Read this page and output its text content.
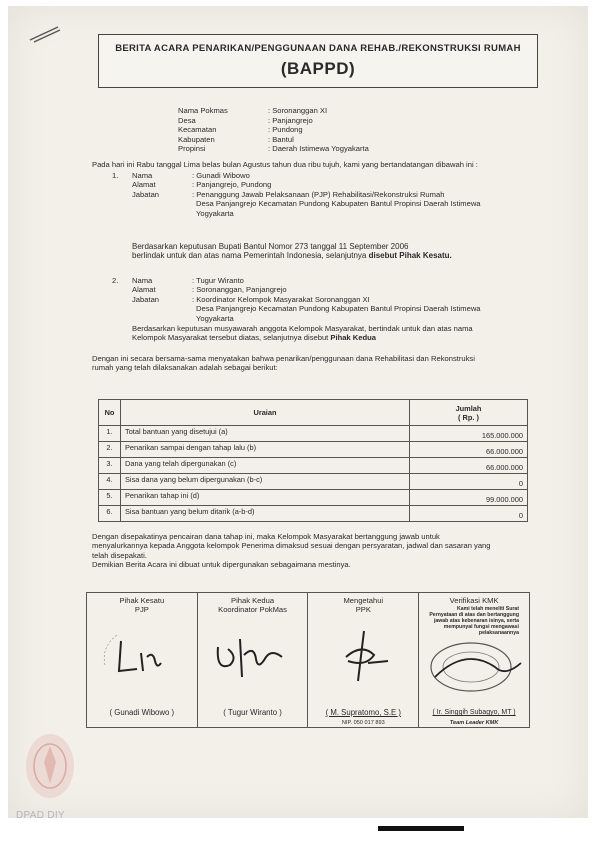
BERITA ACARA PENARIKAN/PENGGUNAAN DANA REHAB./REKONSTRUKSI RUMAH
(BAPPD)
Nama Pokmas	: Soronanggan XI
Desa	: Panjangrejo
Kecamatan	: Pundong
Kabupaten	: Bantul
Propinsi	: Daerah Istimewa Yogyakarta
Pada hari ini Rabu tanggal Lima belas bulan Agustus tahun dua ribu tujuh, kami yang bertandatangan dibawah ini :
1.	Nama	: Gunadi Wibowo
Alamat	: Panjangrejo, Pundong
Jabatan	: Penanggung Jawab Pelaksanaan (PJP) Rehabilitasi/Rekonstruksi Rumah
Desa Panjangrejo Kecamatan Pundong Kabupaten Bantul Propinsi Daerah Istimewa
Yogyakarta
Berdasarkan keputusan Bupati Bantul Nomor 273 tanggal 11 September 2006
berlindak untuk dan atas nama Pemerintah Indonesia, selanjutnya disebut Pihak Kesatu.
2.	Nama	: Tugur Wiranto
Alamat	: Soronanggan, Panjangrejo
Jabatan	: Koordinator Kelompok Masyarakat Soronanggan XI
Desa Panjangrejo Kecamatan Pundong Kabupaten Bantul Propinsi Daerah Istimewa
Yogyakarta
Berdasarkan keputusan musyawarah anggota Kelompok Masyarakat, bertindak untuk dan atas nama
Kelompok Masyarakat tersebut diatas, selanjutnya disebut Pihak Kedua
Dengan ini secara bersama-sama menyatakan bahwa penarikan/penggunaan dana Rehabilitasi dan Rekonstruksi
rumah yang telah dilaksanakan adalah sebagai berikut:
No	Uraian	Jumlah
( Rp. )

1.	Total bantuan yang disetujui (a)	165.000.000
2.	Penarikan sampai dengan tahap lalu (b)	66.000.000
3.	Dana yang telah dipergunakan (c)	66.000.000
4.	Sisa dana yang belum dipergunakan (b-c)	0
5.	Penarikan tahap ini (d)	99.000.000
6.	Sisa bantuan yang belum ditarik (a-b-d)	0
Dengan disepakatinya pencairan dana tahap ini, maka Kelompok Masyarakat bertanggung jawab untuk
menyalurkannya kepada Anggota kelompok Penerima dimaksud sesuai dengan persyaratan, jadwal dan sasaran yang
telah disepakati.
Demikian Berita Acara ini dibuat untuk dipergunakan sebagaimana mestinya.
Pihak Kesatu
PJP
( Gunadi Wibowo )

Pihak Kedua
Koordinator PokMas
( Tugur Wiranto )

Mengetahui
PPK
( M. Supratomo, S.E )
NIP. 050 017 893

Verifikasi KMK
Kami telah meneliti Surat
Pernyataan di atas dan bertanggung
jawab atas kebenaran isinya, serta
mempunyai fungsi mengawasi
pelaksanaannya
( Ir. Singgih Subagyo, MT )
Team Leader KMK
DPAD DIY
